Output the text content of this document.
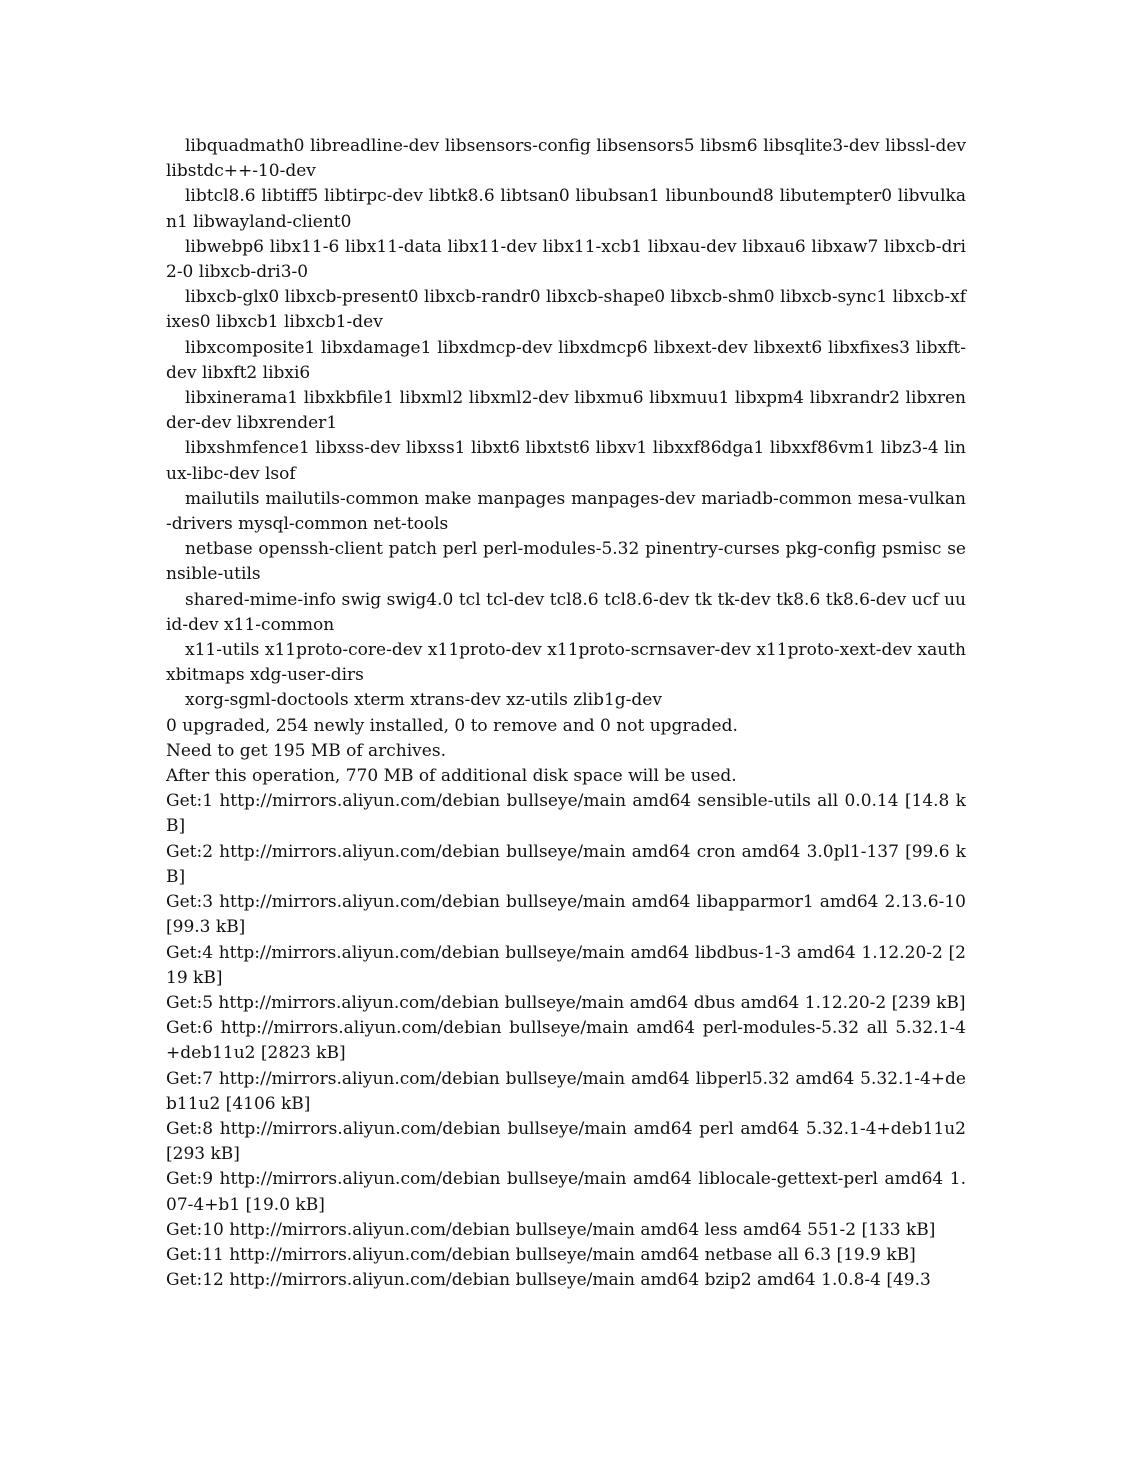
libquadmath0 libreadline-dev libsensors-config libsensors5 libsm6 libsqlite3-dev libssl-dev libstdc++-10-dev

libtcl8.6 libtiff5 libtirpc-dev libtk8.6 libtsan0 libubsan1 libunbound8 libutempter0 libvulkan1 libwayland-client0

libwebp6 libx11-6 libx11-data libx11-dev libx11-xcb1 libxau-dev libxau6 libxaw7 libxcb-dri2-0 libxcb-dri3-0

libxcb-glx0 libxcb-present0 libxcb-randr0 libxcb-shape0 libxcb-shm0 libxcb-sync1 libxcb-xfixes0 libxcb1 libxcb1-dev

libxcomposite1 libxdamage1 libxdmcp-dev libxdmcp6 libxext-dev libxext6 libxfixes3 libxft-dev libxft2 libxi6

libxinerama1 libxkbfile1 libxml2 libxml2-dev libxmu6 libxmuu1 libxpm4 libxrandr2 libxrender-dev libxrender1

libxshmfence1 libxss-dev libxss1 libxt6 libxtst6 libxv1 libxxf86dga1 libxxf86vm1 libz3-4 linux-libc-dev lsof

mailutils mailutils-common make manpages manpages-dev mariadb-common mesa-vulkan-drivers mysql-common net-tools

netbase openssh-client patch perl perl-modules-5.32 pinentry-curses pkg-config psmisc sensible-utils

shared-mime-info swig swig4.0 tcl tcl-dev tcl8.6 tcl8.6-dev tk tk-dev tk8.6 tk8.6-dev ucf uuid-dev x11-common

x11-utils x11proto-core-dev x11proto-dev x11proto-scrnsaver-dev x11proto-xext-dev xauth xbitmaps xdg-user-dirs

xorg-sgml-doctools xterm xtrans-dev xz-utils zlib1g-dev

0 upgraded, 254 newly installed, 0 to remove and 0 not upgraded.

Need to get 195 MB of archives.

After this operation, 770 MB of additional disk space will be used.

Get:1 http://mirrors.aliyun.com/debian bullseye/main amd64 sensible-utils all 0.0.14 [14.8 kB]

Get:2 http://mirrors.aliyun.com/debian bullseye/main amd64 cron amd64 3.0pl1-137 [99.6 kB]

Get:3 http://mirrors.aliyun.com/debian bullseye/main amd64 libapparmor1 amd64 2.13.6-10 [99.3 kB]

Get:4 http://mirrors.aliyun.com/debian bullseye/main amd64 libdbus-1-3 amd64 1.12.20-2 [219 kB]

Get:5 http://mirrors.aliyun.com/debian bullseye/main amd64 dbus amd64 1.12.20-2 [239 kB]

Get:6 http://mirrors.aliyun.com/debian bullseye/main amd64 perl-modules-5.32 all 5.32.1-4+deb11u2 [2823 kB]

Get:7 http://mirrors.aliyun.com/debian bullseye/main amd64 libperl5.32 amd64 5.32.1-4+deb11u2 [4106 kB]

Get:8 http://mirrors.aliyun.com/debian bullseye/main amd64 perl amd64 5.32.1-4+deb11u2 [293 kB]

Get:9 http://mirrors.aliyun.com/debian bullseye/main amd64 liblocale-gettext-perl amd64 1.07-4+b1 [19.0 kB]

Get:10 http://mirrors.aliyun.com/debian bullseye/main amd64 less amd64 551-2 [133 kB]

Get:11 http://mirrors.aliyun.com/debian bullseye/main amd64 netbase all 6.3 [19.9 kB]

Get:12 http://mirrors.aliyun.com/debian bullseye/main amd64 bzip2 amd64 1.0.8-4 [49.3
